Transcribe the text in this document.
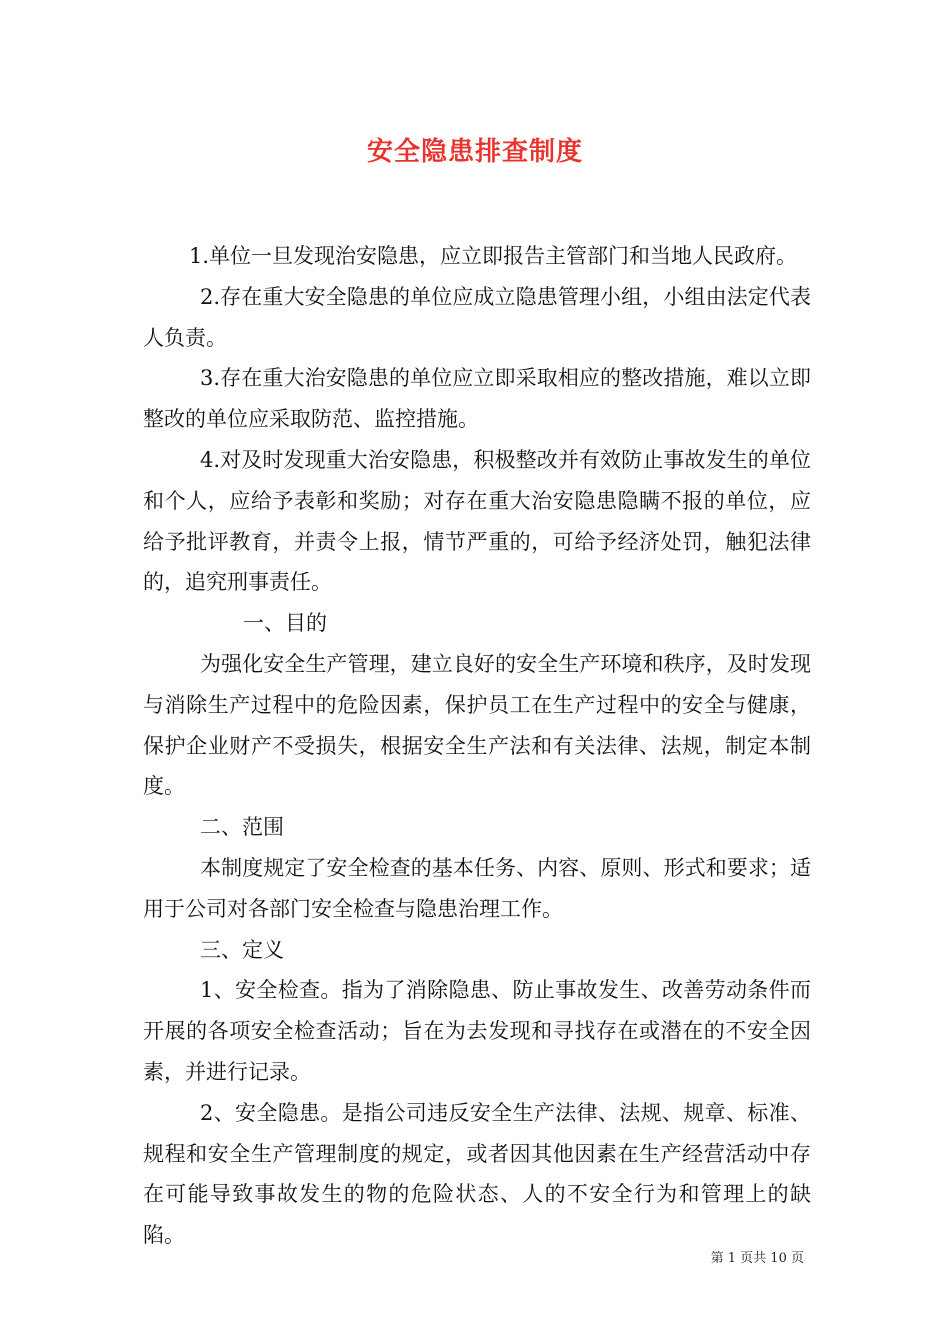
安全隐患排查制度

1.单位一旦发现治安隐患，应立即报告主管部门和当地人民政府。

2.存在重大安全隐患的单位应成立隐患管理小组，小组由法定代表人负责。

3.存在重大治安隐患的单位应立即采取相应的整改措施，难以立即整改的单位应采取防范、监控措施。

4.对及时发现重大治安隐患，积极整改并有效防止事故发生的单位和个人，应给予表彰和奖励；对存在重大治安隐患隐瞒不报的单位，应给予批评教育，并责令上报，情节严重的，可给予经济处罚，触犯法律的，追究刑事责任。

一、目的

为强化安全生产管理，建立良好的安全生产环境和秩序，及时发现与消除生产过程中的危险因素，保护员工在生产过程中的安全与健康，保护企业财产不受损失，根据安全生产法和有关法律、法规，制定本制度。

二、范围

本制度规定了安全检查的基本任务、内容、原则、形式和要求；适用于公司对各部门安全检查与隐患治理工作。

三、定义

1、安全检查。指为了消除隐患、防止事故发生、改善劳动条件而开展的各项安全检查活动；旨在为去发现和寻找存在或潜在的不安全因素，并进行记录。

2、安全隐患。是指公司违反安全生产法律、法规、规章、标准、规程和安全生产管理制度的规定，或者因其他因素在生产经营活动中存在可能导致事故发生的物的危险状态、人的不安全行为和管理上的缺陷。

第 1 页共 10 页
